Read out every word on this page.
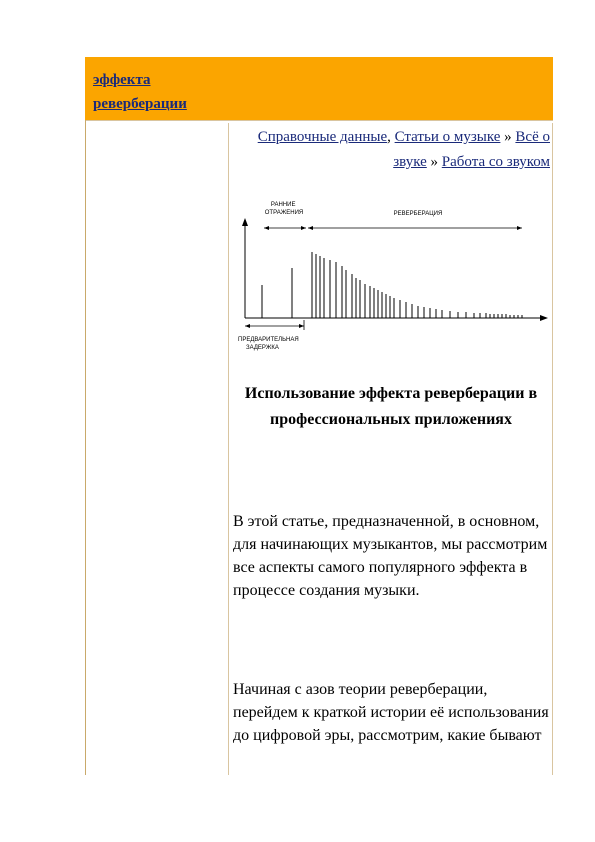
эффекта реверберации
Справочные данные, Статьи о музыке » Всё о звуке » Работа со звуком
РАННИЕ ОТРАЖЕНИЯ	РЕВЕРБЕРАЦИЯ
ПРЕДВАРИТЕЛЬНАЯ ЗАДЕРЖКА
Использование эффекта реверберации в профессиональных приложениях
В этой статье, предназначенной, в основном, для начинающих музыкантов, мы рассмотрим все аспекты самого популярного эффекта в процессе создания музыки.
Начиная с азов теории реверберации, перейдем к краткой истории её использования до цифровой эры, рассмотрим, какие бывают
